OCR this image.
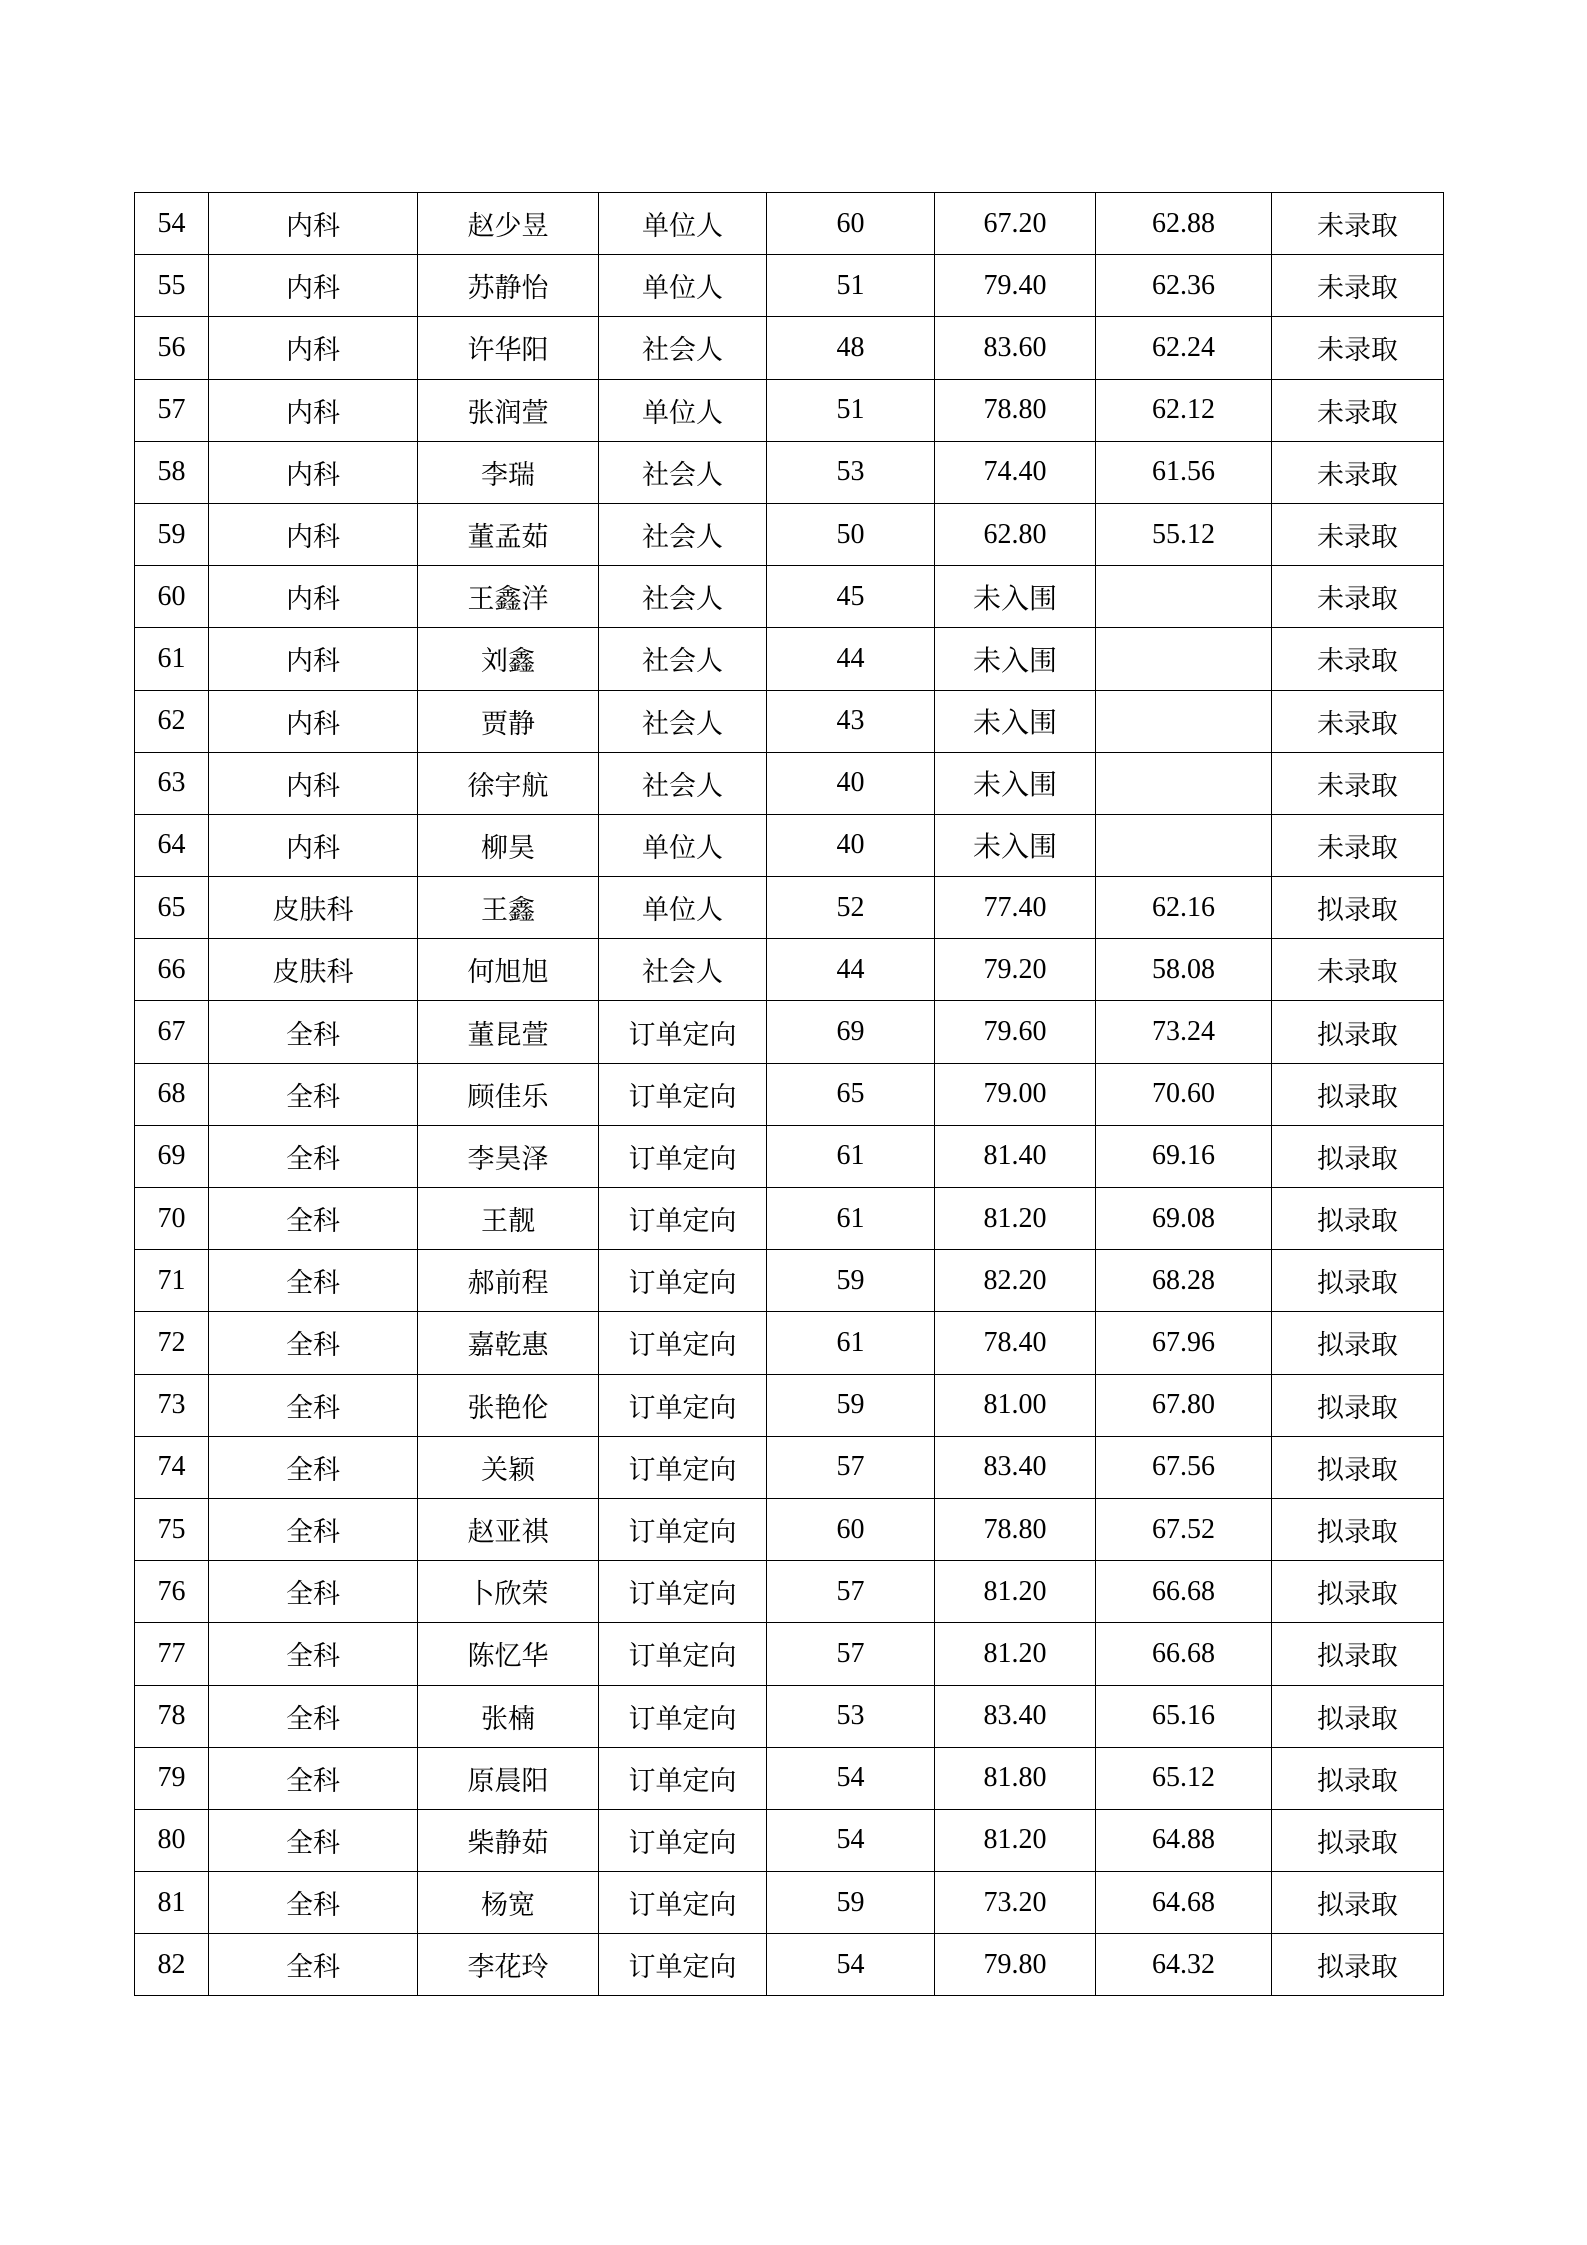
54	内科	赵少昱	单位人	60	67.20	62.88	未录取
55	内科	苏静怡	单位人	51	79.40	62.36	未录取
56	内科	许华阳	社会人	48	83.60	62.24	未录取
57	内科	张润萱	单位人	51	78.80	62.12	未录取
58	内科	李瑞	社会人	53	74.40	61.56	未录取
59	内科	董孟茹	社会人	50	62.80	55.12	未录取
60	内科	王鑫洋	社会人	45	未入围		未录取
61	内科	刘鑫	社会人	44	未入围		未录取
62	内科	贾静	社会人	43	未入围		未录取
63	内科	徐宇航	社会人	40	未入围		未录取
64	内科	柳昊	单位人	40	未入围		未录取
65	皮肤科	王鑫	单位人	52	77.40	62.16	拟录取
66	皮肤科	何旭旭	社会人	44	79.20	58.08	未录取
67	全科	董昆萱	订单定向	69	79.60	73.24	拟录取
68	全科	顾佳乐	订单定向	65	79.00	70.60	拟录取
69	全科	李昊泽	订单定向	61	81.40	69.16	拟录取
70	全科	王靓	订单定向	61	81.20	69.08	拟录取
71	全科	郝前程	订单定向	59	82.20	68.28	拟录取
72	全科	嘉乾惠	订单定向	61	78.40	67.96	拟录取
73	全科	张艳伦	订单定向	59	81.00	67.80	拟录取
74	全科	关颖	订单定向	57	83.40	67.56	拟录取
75	全科	赵亚祺	订单定向	60	78.80	67.52	拟录取
76	全科	卜欣荣	订单定向	57	81.20	66.68	拟录取
77	全科	陈忆华	订单定向	57	81.20	66.68	拟录取
78	全科	张楠	订单定向	53	83.40	65.16	拟录取
79	全科	原晨阳	订单定向	54	81.80	65.12	拟录取
80	全科	柴静茹	订单定向	54	81.20	64.88	拟录取
81	全科	杨宽	订单定向	59	73.20	64.68	拟录取
82	全科	李花玲	订单定向	54	79.80	64.32	拟录取
